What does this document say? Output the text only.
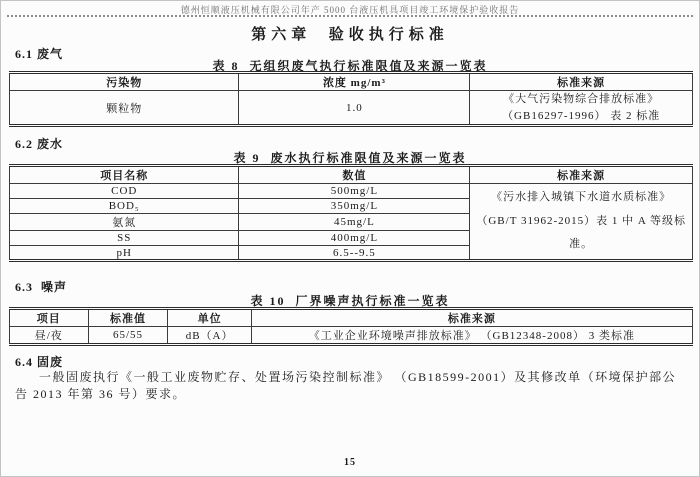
德州恒顺液压机械有限公司年产 5000 台液压机具项目竣工环境保护验收报告
第六章  验收执行标准
6.1 废气
表 8  无组织废气执行标准限值及来源一览表
污染物	浓度 mg/m³	标准来源
颗粒物	1.0	《大气污染物综合排放标准》 （GB16297-1996） 表 2 标准
6.2 废水
表 9  废水执行标准限值及来源一览表
项目名称	数值	标准来源
COD	500mg/L	《污水排入城镇下水道水质标准》 （GB/T 31962-2015）表 1 中 A 等级标准。
BOD₅	350mg/L	
氨氮	45mg/L	
SS	400mg/L	
pH	6.5--9.5	
6.3  噪声
表 10  厂界噪声执行标准一览表
项目	标准值	单位	标准来源
昼/夜	65/55	dB（A）	《工业企业环境噪声排放标准》 （GB12348-2008） 3 类标准
6.4 固废
一般固废执行《一般工业废物贮存、处置场污染控制标准》 （GB18599-2001）及其修改单（环境保护部公告 2013 年第 36 号）要求。
15
